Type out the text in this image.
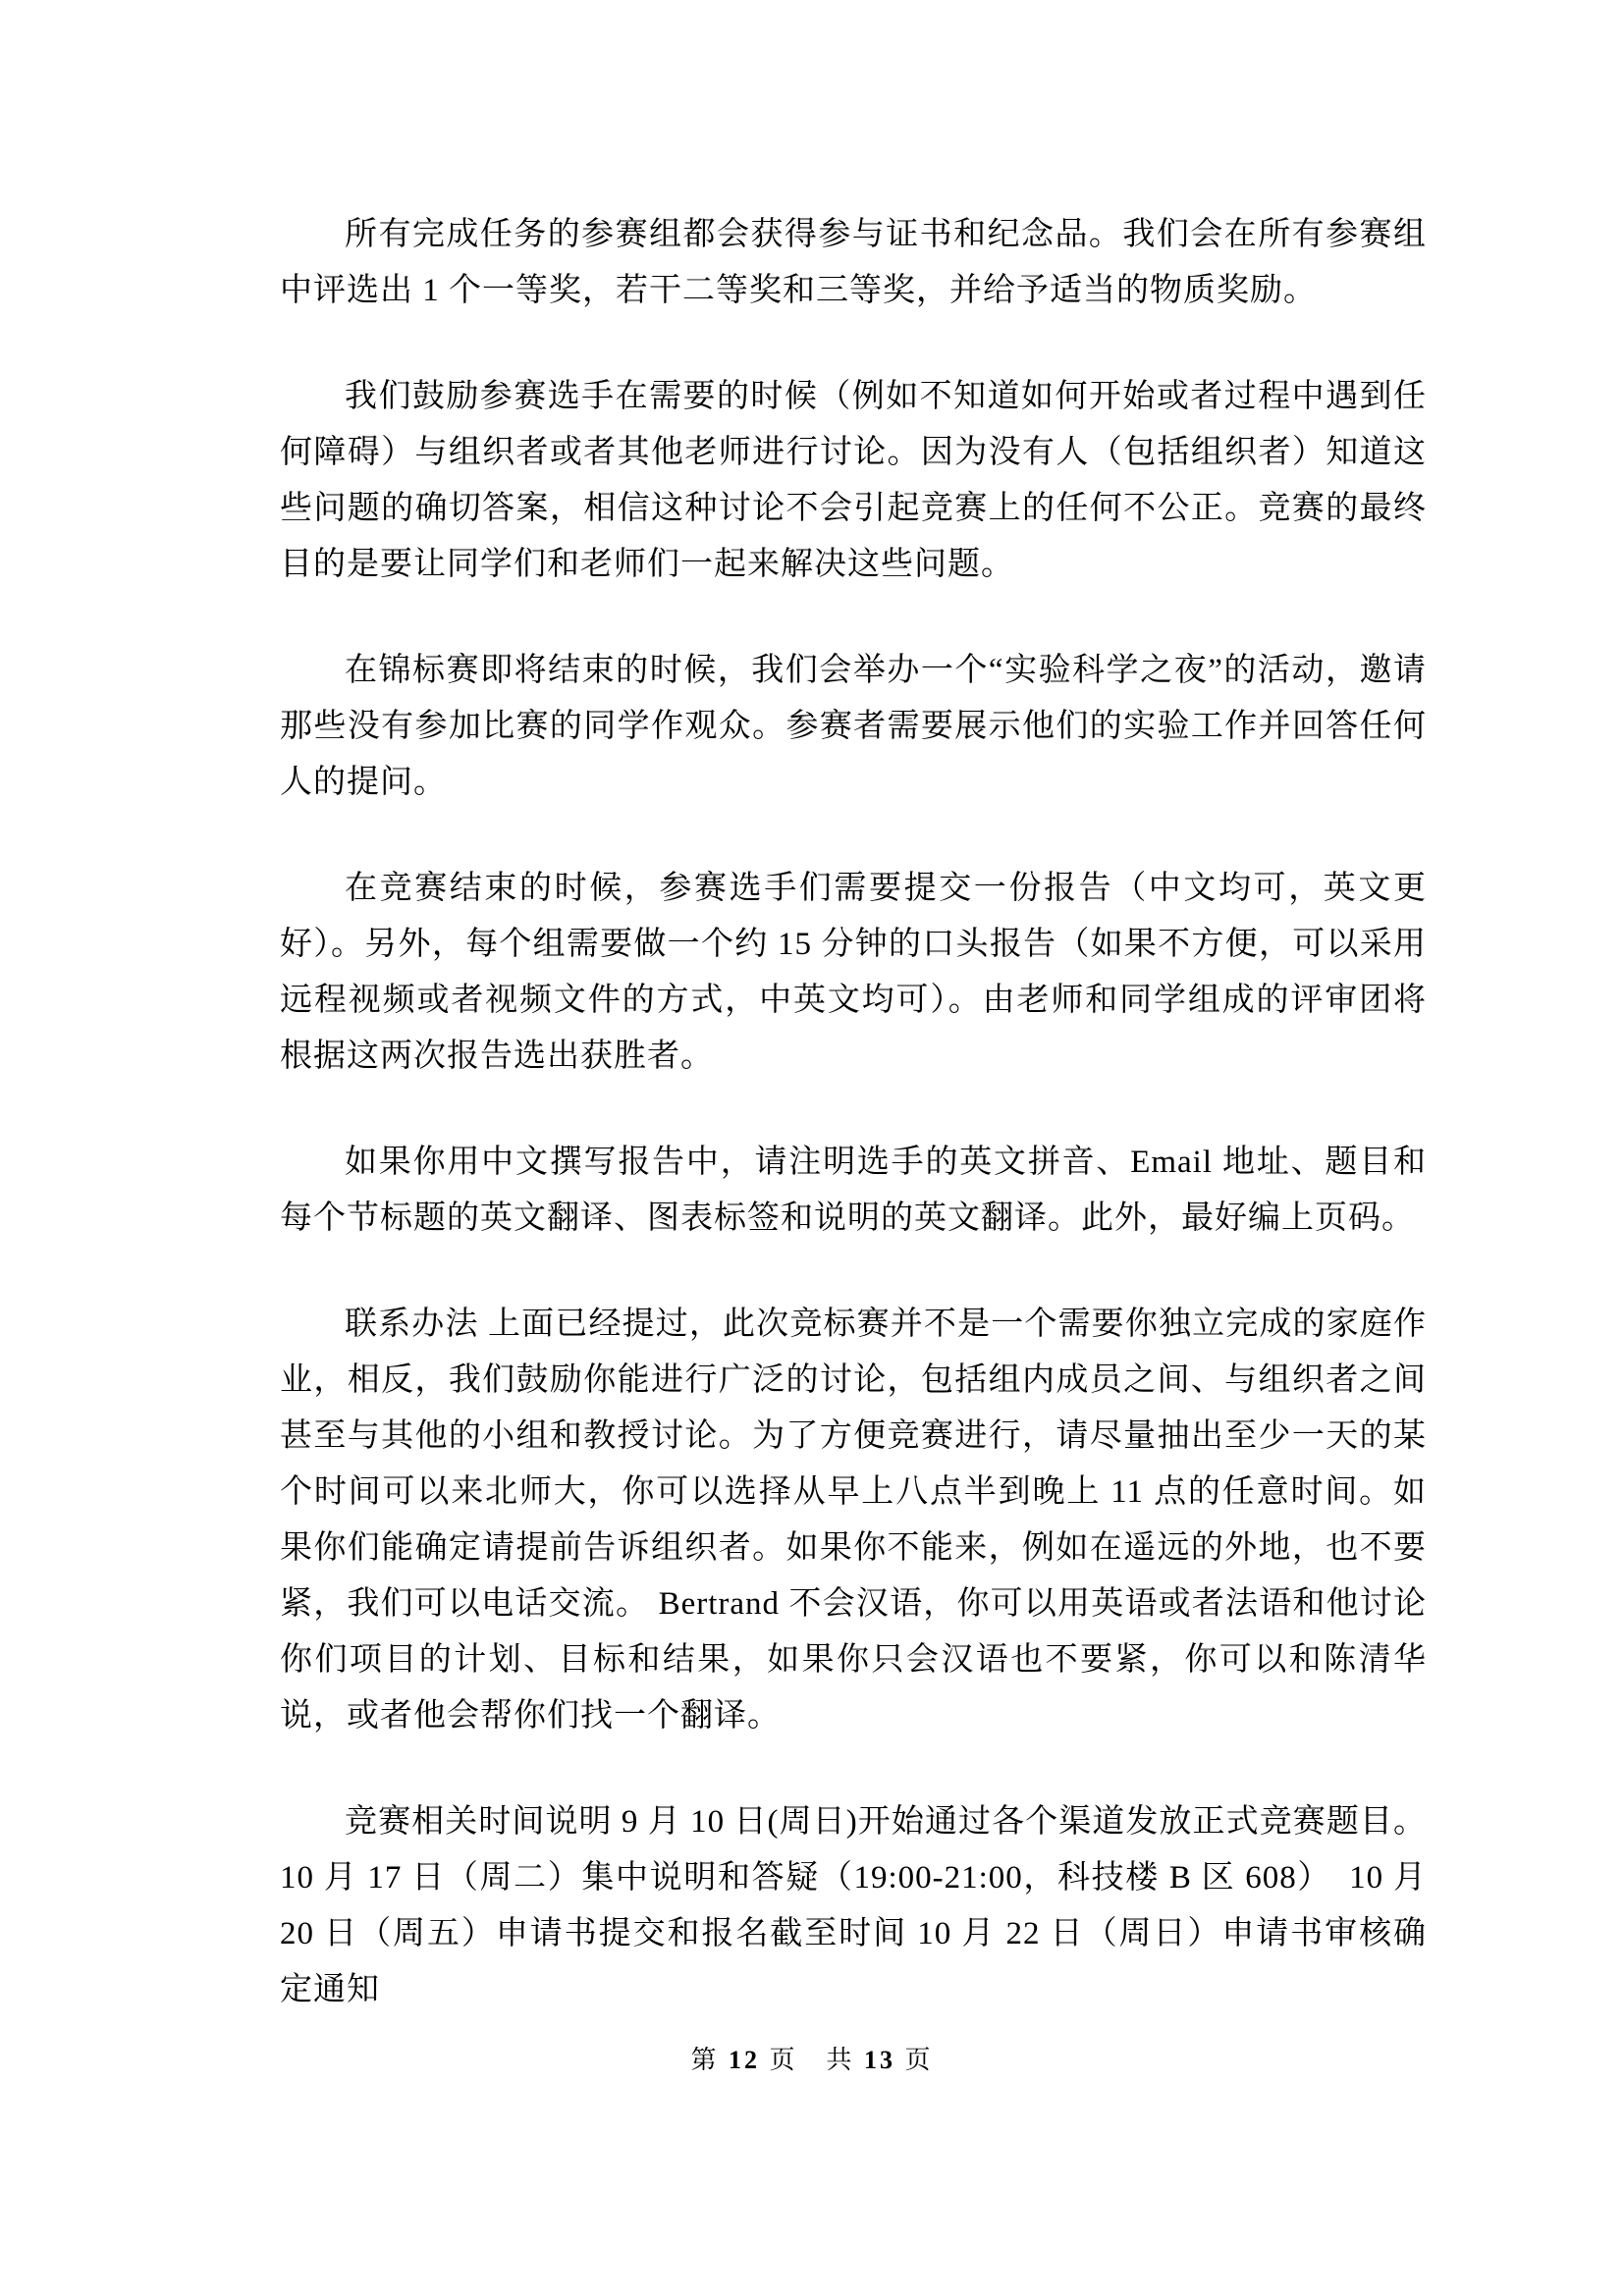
所有完成任务的参赛组都会获得参与证书和纪念品。我们会在所有参赛组中评选出 1 个一等奖，若干二等奖和三等奖，并给予适当的物质奖励。

我们鼓励参赛选手在需要的时候（例如不知道如何开始或者过程中遇到任何障碍）与组织者或者其他老师进行讨论。因为没有人（包括组织者）知道这些问题的确切答案，相信这种讨论不会引起竞赛上的任何不公正。竞赛的最终目的是要让同学们和老师们一起来解决这些问题。

在锦标赛即将结束的时候，我们会举办一个“实验科学之夜”的活动，邀请那些没有参加比赛的同学作观众。参赛者需要展示他们的实验工作并回答任何人的提问。

在竞赛结束的时候，参赛选手们需要提交一份报告（中文均可，英文更好）。另外，每个组需要做一个约 15 分钟的口头报告（如果不方便，可以采用远程视频或者视频文件的方式，中英文均可）。由老师和同学组成的评审团将根据这两次报告选出获胜者。

如果你用中文撰写报告中，请注明选手的英文拼音、Email 地址、题目和每个节标题的英文翻译、图表标签和说明的英文翻译。此外，最好编上页码。

联系办法 上面已经提过，此次竞标赛并不是一个需要你独立完成的家庭作业，相反，我们鼓励你能进行广泛的讨论，包括组内成员之间、与组织者之间甚至与其他的小组和教授讨论。为了方便竞赛进行，请尽量抽出至少一天的某个时间可以来北师大，你可以选择从早上八点半到晚上 11 点的任意时间。如果你们能确定请提前告诉组织者。如果你不能来，例如在遥远的外地，也不要紧，我们可以电话交流。 Bertrand 不会汉语，你可以用英语或者法语和他讨论你们项目的计划、目标和结果，如果你只会汉语也不要紧，你可以和陈清华说，或者他会帮你们找一个翻译。

竞赛相关时间说明 9 月 10 日(周日)开始通过各个渠道发放正式竞赛题目。10 月 17 日（周二）集中说明和答疑（19:00-21:00，科技楼 B 区 608）　10 月 20 日（周五）申请书提交和报名截至时间 10 月 22 日（周日）申请书审核确定通知

第 12 页　共 13 页
